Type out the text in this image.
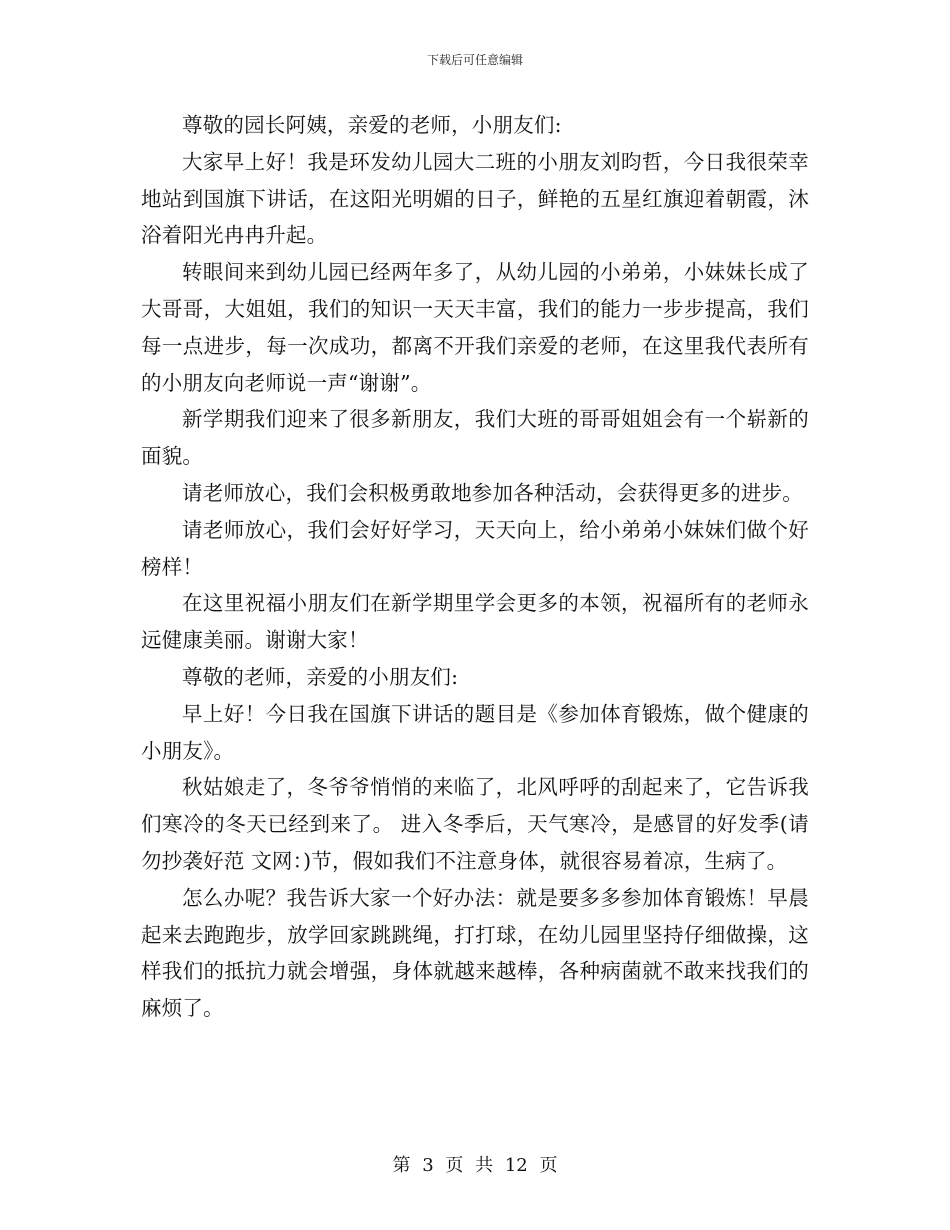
下载后可任意编辑

尊敬的园长阿姨，亲爱的老师，小朋友们:

大家早上好！我是环发幼儿园大二班的小朋友刘昀哲，今日我很荣幸地站到国旗下讲话，在这阳光明媚的日子，鲜艳的五星红旗迎着朝霞，沐浴着阳光冉冉升起。

转眼间来到幼儿园已经两年多了，从幼儿园的小弟弟，小妹妹长成了大哥哥，大姐姐，我们的知识一天天丰富，我们的能力一步步提高，我们每一点进步，每一次成功，都离不开我们亲爱的老师，在这里我代表所有的小朋友向老师说一声“谢谢”。

新学期我们迎来了很多新朋友，我们大班的哥哥姐姐会有一个崭新的面貌。

请老师放心，我们会积极勇敢地参加各种活动，会获得更多的进步。

请老师放心，我们会好好学习，天天向上，给小弟弟小妹妹们做个好榜样！

在这里祝福小朋友们在新学期里学会更多的本领，祝福所有的老师永远健康美丽。谢谢大家！

尊敬的老师，亲爱的小朋友们:

早上好！今日我在国旗下讲话的题目是《参加体育锻炼，做个健康的小朋友》。

秋姑娘走了，冬爷爷悄悄的来临了，北风呼呼的刮起来了，它告诉我们寒冷的冬天已经到来了。 进入冬季后，天气寒冷，是感冒的好发季(请勿抄袭好范 文网：)节，假如我们不注意身体，就很容易着凉，生病了。

怎么办呢？我告诉大家一个好办法：就是要多多参加体育锻炼！早晨起来去跑跑步，放学回家跳跳绳，打打球，在幼儿园里坚持仔细做操，这样我们的抵抗力就会增强，身体就越来越棒，各种病菌就不敢来找我们的麻烦了。

第 3 页 共 12 页
